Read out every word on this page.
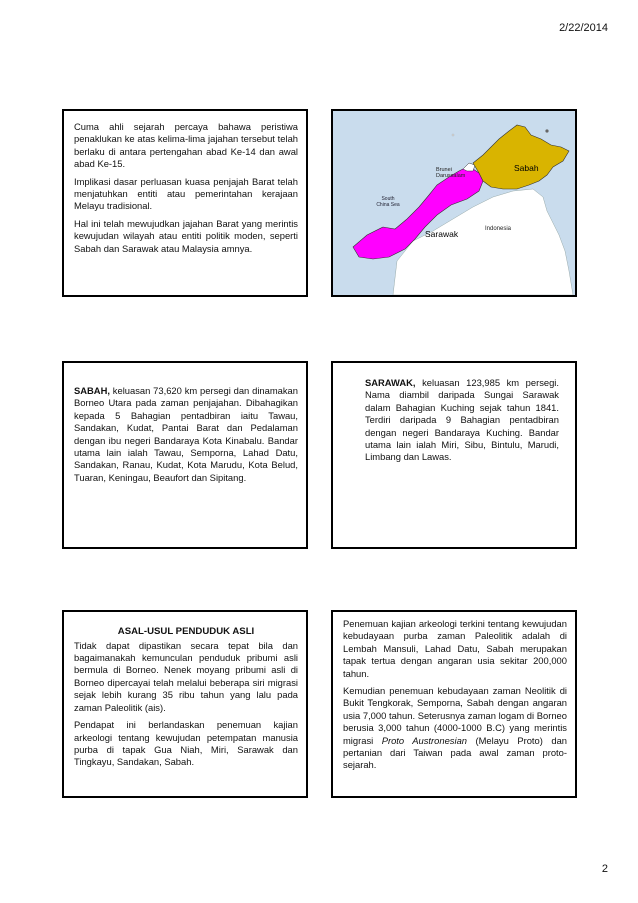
2/22/2014

Cuma ahli sejarah percaya bahawa peristiwa penaklukan ke atas kelima-lima jajahan tersebut telah berlaku di antara pertengahan abad Ke-14 dan awal abad Ke-15.

Implikasi dasar perluasan kuasa penjajah Barat telah menjatuhkan entiti atau pemerintahan kerajaan Melayu tradisional.

Hal ini telah mewujudkan jajahan Barat yang merintis kewujudan wilayah atau entiti politik moden, seperti Sabah dan Sarawak atau Malaysia amnya.

Sabah
Sarawak
Brunei Darussalam
South China Sea
Indonesia

SABAH, keluasan 73,620 km persegi dan dinamakan Borneo Utara pada zaman penjajahan. Dibahagikan kepada 5 Bahagian pentadbiran iaitu Tawau, Sandakan, Kudat, Pantai Barat dan Pedalaman dengan ibu negeri Bandaraya Kota Kinabalu. Bandar utama lain ialah Tawau, Semporna, Lahad Datu, Sandakan, Ranau, Kudat, Kota Marudu, Kota Belud, Tuaran, Keningau, Beaufort dan Sipitang.

SARAWAK, keluasan 123,985 km persegi. Nama diambil daripada Sungai Sarawak dalam Bahagian Kuching sejak tahun 1841. Terdiri daripada 9 Bahagian pentadbiran dengan negeri Bandaraya Kuching. Bandar utama lain ialah Miri, Sibu, Bintulu, Marudi, Limbang dan Lawas.

ASAL-USUL PENDUDUK ASLI

Tidak dapat dipastikan secara tepat bila dan bagaimanakah kemunculan penduduk pribumi asli bermula di Borneo. Nenek moyang pribumi asli di Borneo dipercayai telah melalui beberapa siri migrasi sejak lebih kurang 35 ribu tahun yang lalu pada zaman Paleolitik (ais).

Pendapat ini berlandaskan penemuan kajian arkeologi tentang kewujudan petempatan manusia purba di tapak Gua Niah, Miri, Sarawak dan Tingkayu, Sandakan, Sabah.

Penemuan kajian arkeologi terkini tentang kewujudan kebudayaan purba zaman Paleolitik adalah di Lembah Mansuli, Lahad Datu, Sabah merupakan tapak tertua dengan angaran usia sekitar 200,000 tahun.

Kemudian penemuan kebudayaan zaman Neolitik di Bukit Tengkorak, Semporna, Sabah dengan angaran usia 7,000 tahun. Seterusnya zaman logam di Borneo berusia 3,000 tahun (4000-1000 B.C) yang merintis migrasi Proto Austronesian (Melayu Proto) dan pertanian dari Taiwan pada awal zaman proto-sejarah.

2
